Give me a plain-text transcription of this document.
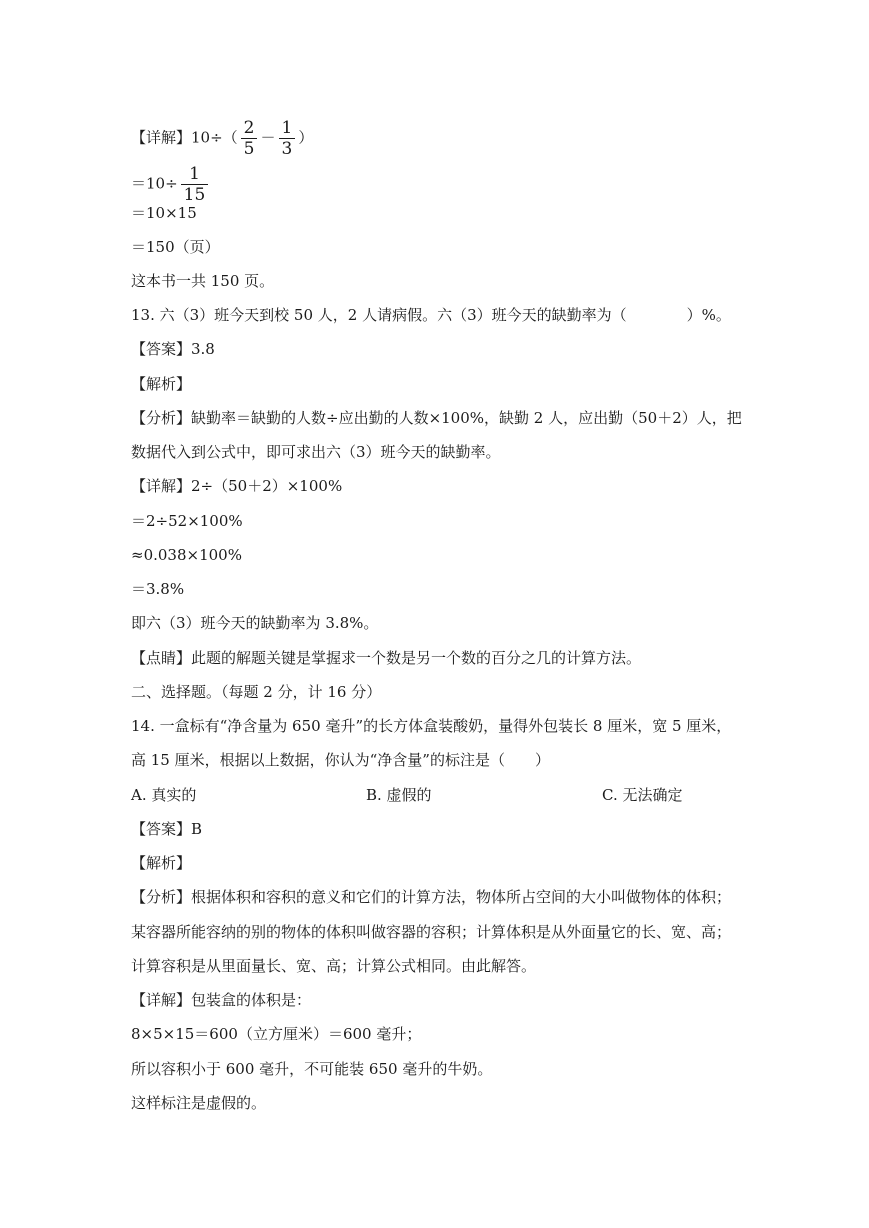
【详解】$10\div( \frac{2}{5} - \frac{1}{3}$ ）
$=10\div \frac{1}{15}$
＝10×15
＝150（页）
这本书一共 150 页。
13. 六（3）班今天到校 50 人，2 人请病假。六（3）班今天的缺勤率为（　　　　）%。
【答案】3.8
【解析】
【分析】缺勤率＝缺勤的人数÷应出勤的人数×100%，缺勤 2 人，应出勤（50＋2）人，把
数据代入到公式中，即可求出六（3）班今天的缺勤率。
【详解】2÷（50＋2）×100%
＝2÷52×100%
≈0.038×100%
＝3.8%
即六（3）班今天的缺勤率为 3.8%。
【点睛】此题的解题关键是掌握求一个数是另一个数的百分之几的计算方法。
二、选择题。（每题 2 分，计 16 分）
14. 一盒标有“净含量为 650 毫升”的长方体盒装酸奶，量得外包装长 8 厘米，宽 5 厘米，
高 15 厘米，根据以上数据，你认为“净含量”的标注是（　　）
A. 真实的	B. 虚假的	C. 无法确定
【答案】B
【解析】
【分析】根据体积和容积的意义和它们的计算方法，物体所占空间的大小叫做物体的体积；
某容器所能容纳的别的物体的体积叫做容器的容积；计算体积是从外面量它的长、宽、高；
计算容积是从里面量长、宽、高；计算公式相同。由此解答。
【详解】包装盒的体积是：
8×5×15＝600（立方厘米）＝600 毫升；
所以容积小于 600 毫升，不可能装 650 毫升的牛奶。
这样标注是虚假的。
